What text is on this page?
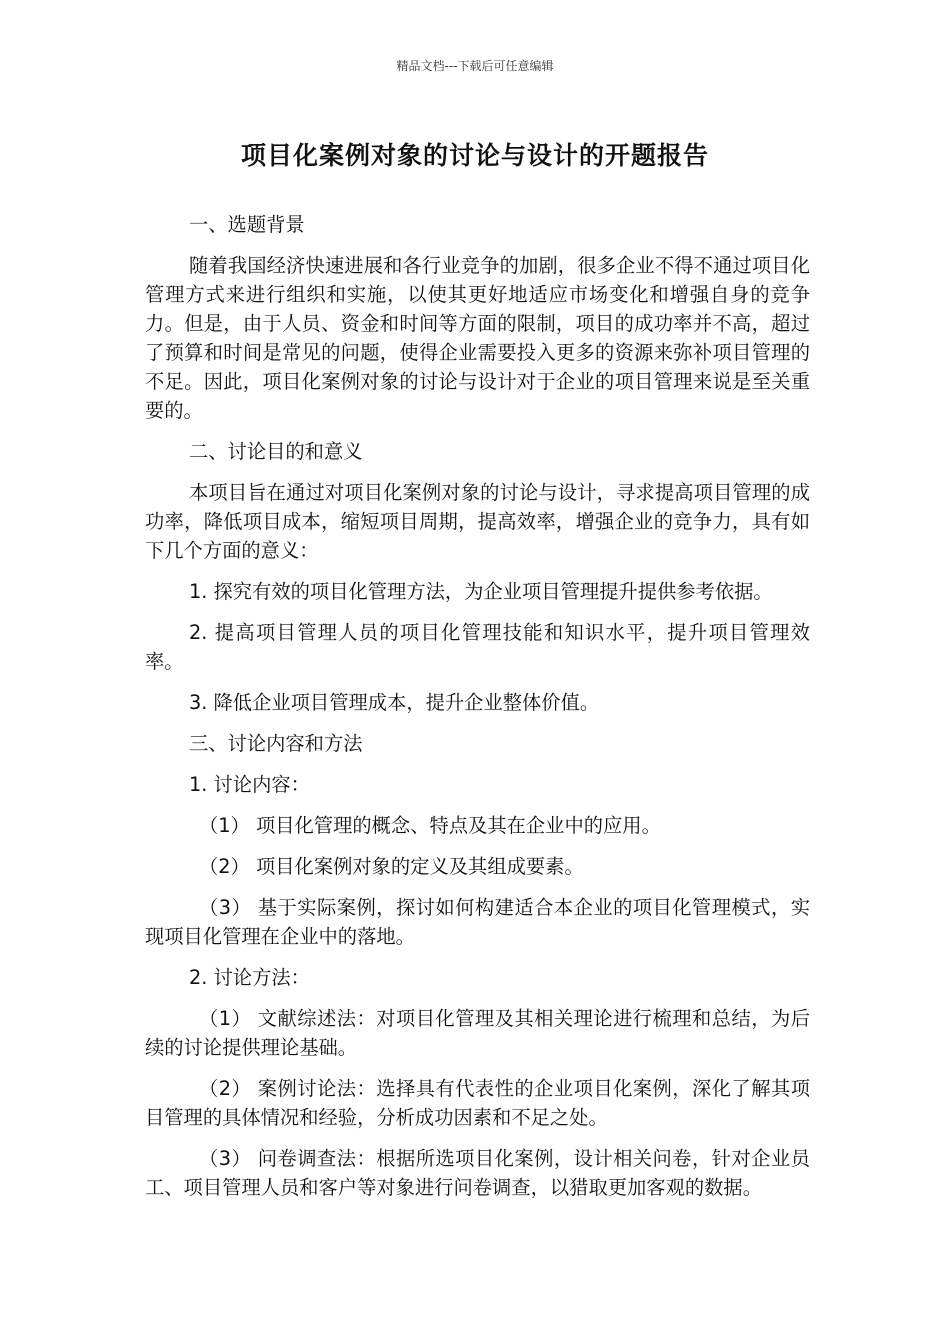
精品文档---下载后可任意编辑
项目化案例对象的讨论与设计的开题报告

一、选题背景

随着我国经济快速进展和各行业竞争的加剧，很多企业不得不通过项目化管理方式来进行组织和实施，以使其更好地适应市场变化和增强自身的竞争力。但是，由于人员、资金和时间等方面的限制，项目的成功率并不高，超过了预算和时间是常见的问题，使得企业需要投入更多的资源来弥补项目管理的不足。因此，项目化案例对象的讨论与设计对于企业的项目管理来说是至关重要的。

二、讨论目的和意义

本项目旨在通过对项目化案例对象的讨论与设计，寻求提高项目管理的成功率，降低项目成本，缩短项目周期，提高效率，增强企业的竞争力，具有如下几个方面的意义：

1. 探究有效的项目化管理方法，为企业项目管理提升提供参考依据。

2. 提高项目管理人员的项目化管理技能和知识水平，提升项目管理效率。

3. 降低企业项目管理成本，提升企业整体价值。

三、讨论内容和方法

1. 讨论内容：

（1） 项目化管理的概念、特点及其在企业中的应用。

（2） 项目化案例对象的定义及其组成要素。

（3） 基于实际案例，探讨如何构建适合本企业的项目化管理模式，实现项目化管理在企业中的落地。

2. 讨论方法：

（1） 文献综述法：对项目化管理及其相关理论进行梳理和总结，为后续的讨论提供理论基础。

（2） 案例讨论法：选择具有代表性的企业项目化案例，深化了解其项目管理的具体情况和经验，分析成功因素和不足之处。

（3） 问卷调查法：根据所选项目化案例，设计相关问卷，针对企业员工、项目管理人员和客户等对象进行问卷调查，以猎取更加客观的数据。
